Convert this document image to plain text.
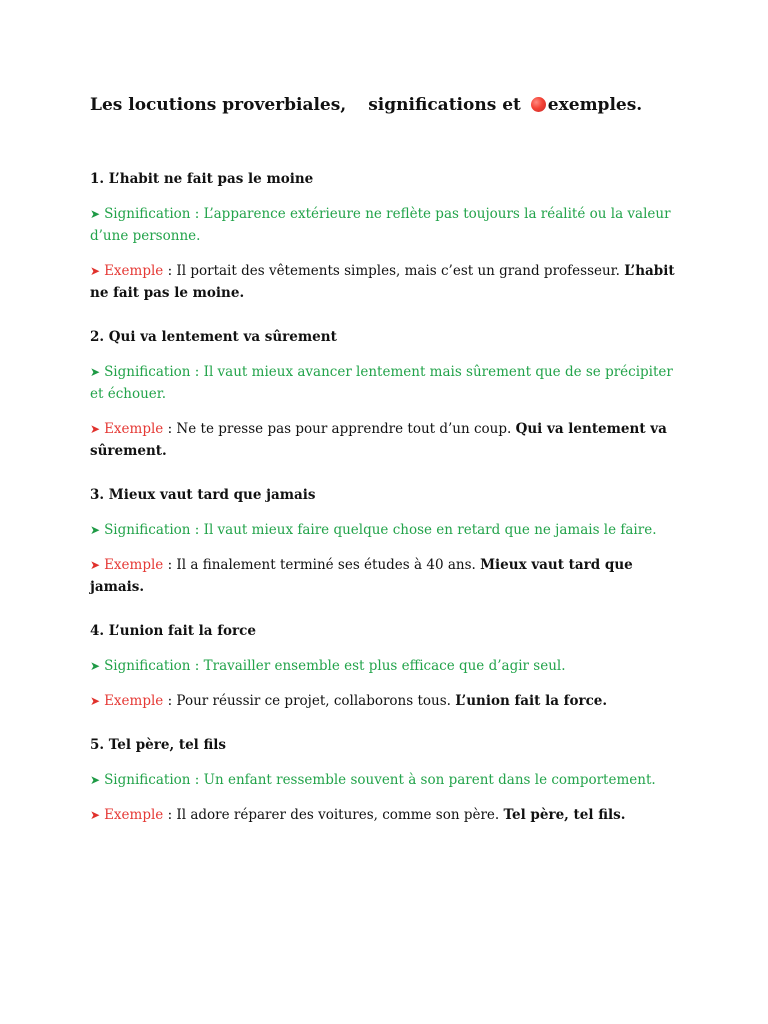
Les locutions proverbiales, significations et exemples.
1. L’habit ne fait pas le moine
➤ Signification : L’apparence extérieure ne reflète pas toujours la réalité ou la valeur d’une personne.
➤ Exemple : Il portait des vêtements simples, mais c’est un grand professeur. L’habit ne fait pas le moine.
2. Qui va lentement va sûrement
➤ Signification : Il vaut mieux avancer lentement mais sûrement que de se précipiter et échouer.
➤ Exemple : Ne te presse pas pour apprendre tout d’un coup. Qui va lentement va sûrement.
3. Mieux vaut tard que jamais
➤ Signification : Il vaut mieux faire quelque chose en retard que ne jamais le faire.
➤ Exemple : Il a finalement terminé ses études à 40 ans. Mieux vaut tard que jamais.
4. L’union fait la force
➤ Signification : Travailler ensemble est plus efficace que d’agir seul.
➤ Exemple : Pour réussir ce projet, collaborons tous. L’union fait la force.
5. Tel père, tel fils
➤ Signification : Un enfant ressemble souvent à son parent dans le comportement.
➤ Exemple : Il adore réparer des voitures, comme son père. Tel père, tel fils.
